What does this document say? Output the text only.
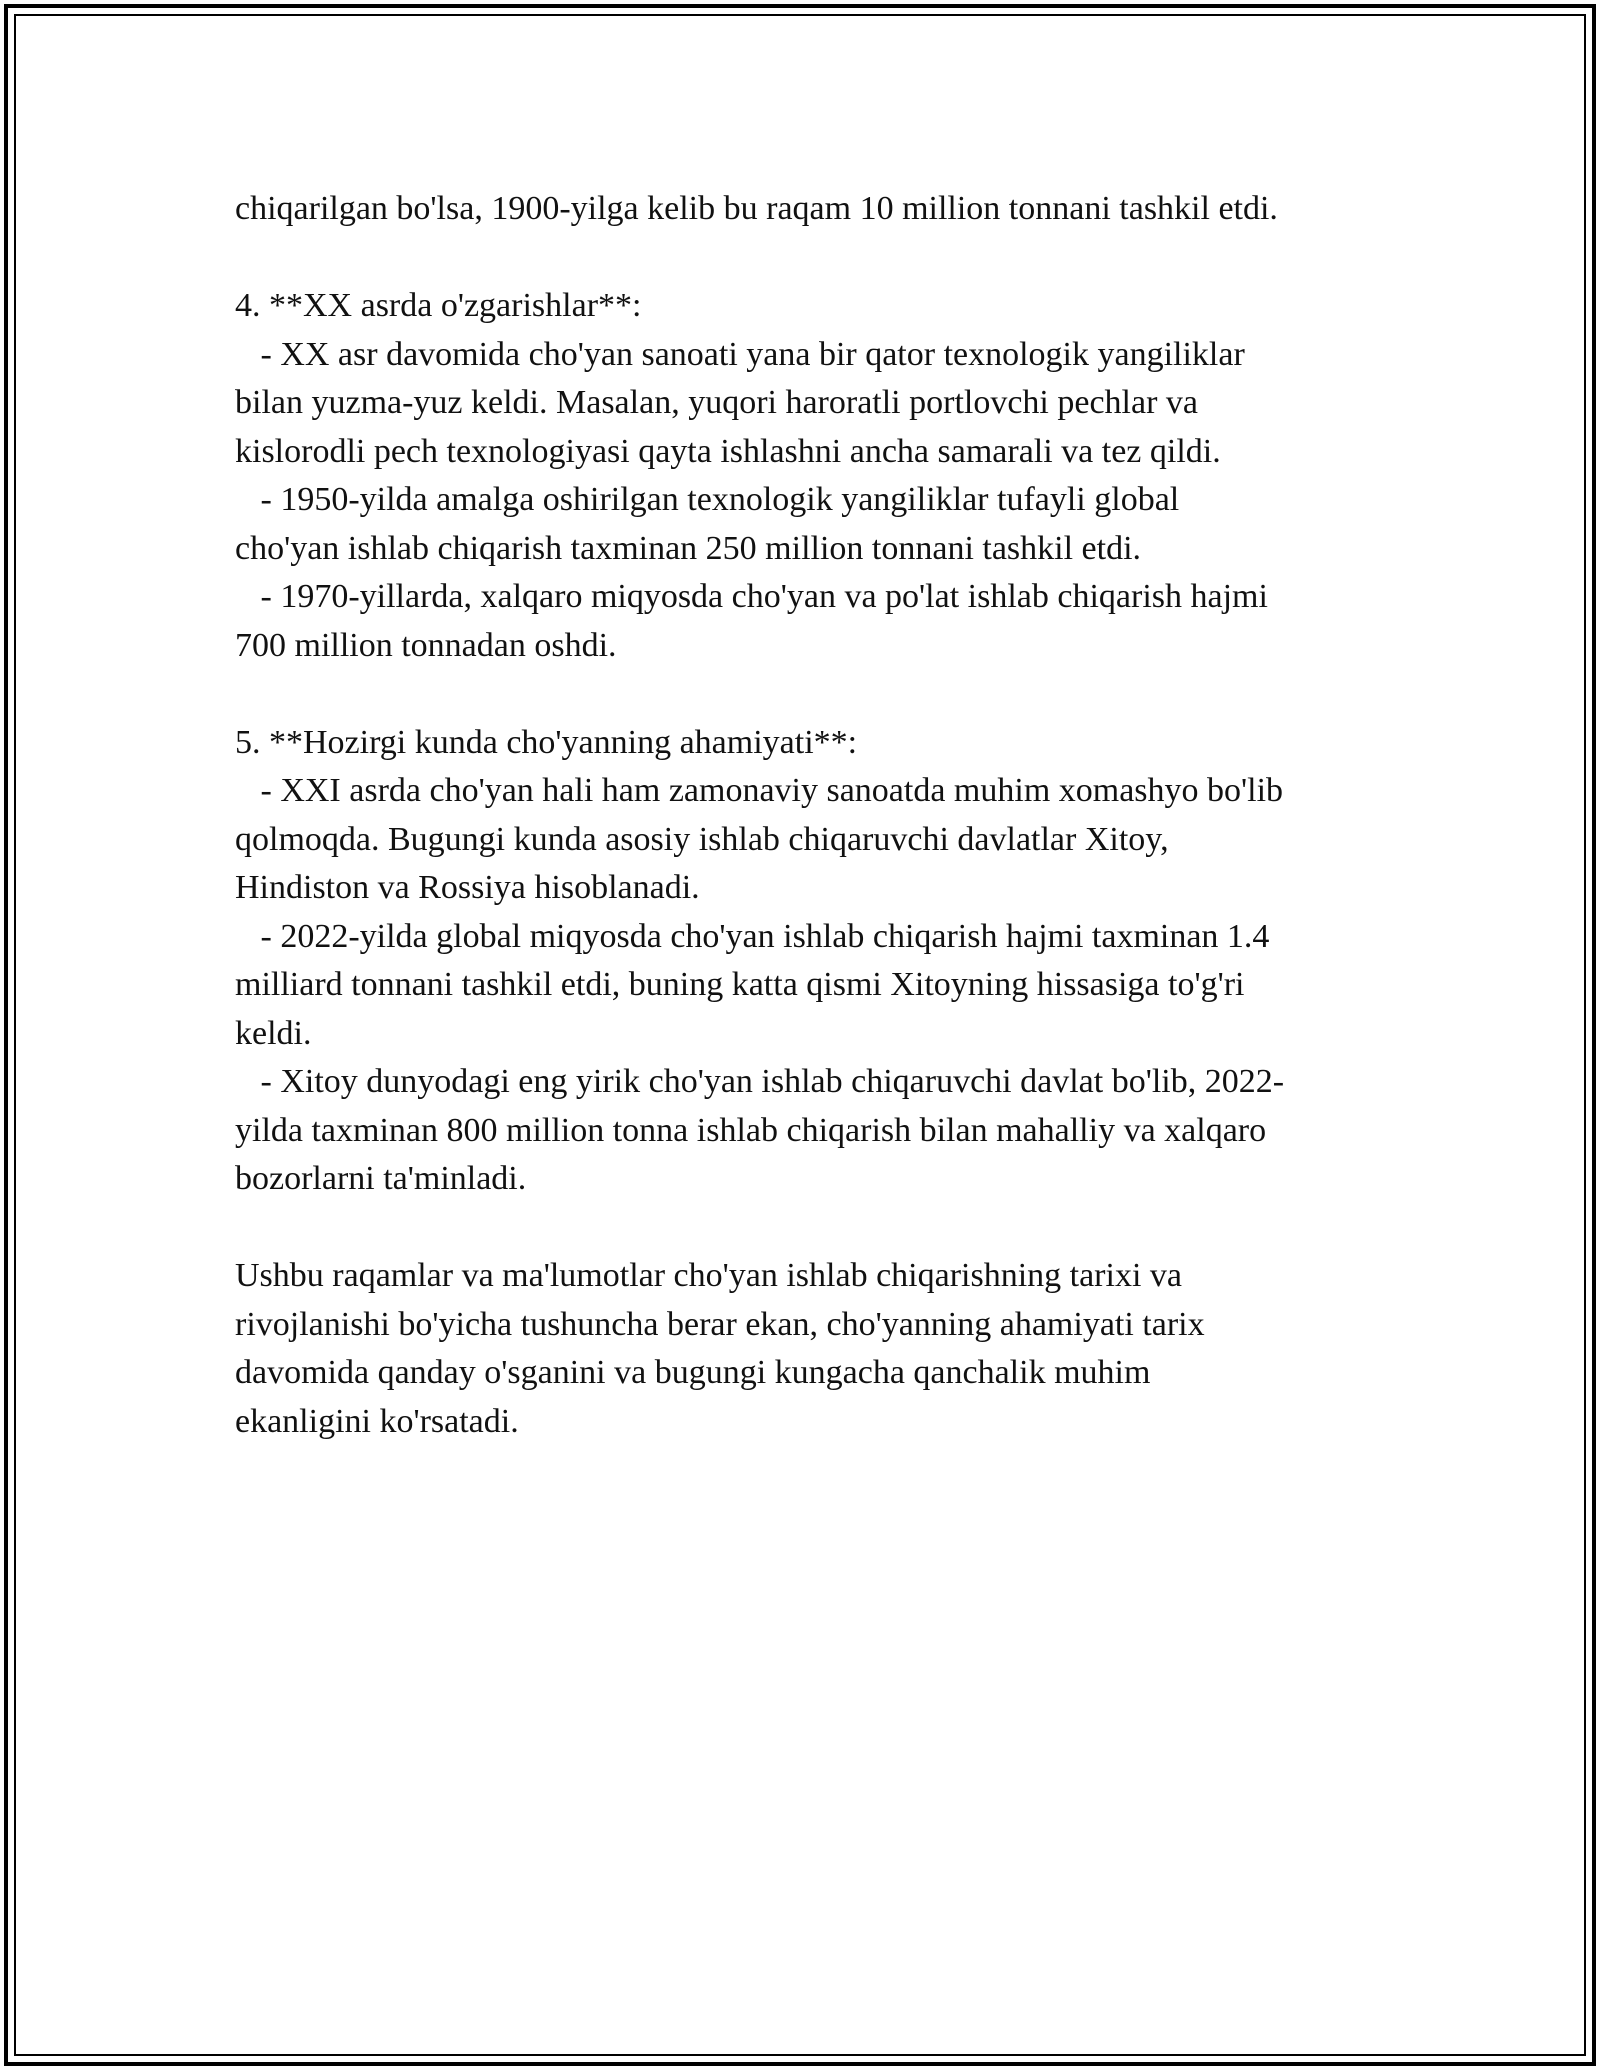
chiqarilgan bo'lsa, 1900-yilga kelib bu raqam 10 million tonnani tashkil etdi.
4. **XX asrda o'zgarishlar**:
- XX asr davomida cho'yan sanoati yana bir qator texnologik yangiliklar
bilan yuzma-yuz keldi. Masalan, yuqori haroratli portlovchi pechlar va
kislorodli pech texnologiyasi qayta ishlashni ancha samarali va tez qildi.
- 1950-yilda amalga oshirilgan texnologik yangiliklar tufayli global
cho'yan ishlab chiqarish taxminan 250 million tonnani tashkil etdi.
- 1970-yillarda, xalqaro miqyosda cho'yan va po'lat ishlab chiqarish hajmi
700 million tonnadan oshdi.
5. **Hozirgi kunda cho'yanning ahamiyati**:
- XXI asrda cho'yan hali ham zamonaviy sanoatda muhim xomashyo bo'lib
qolmoqda. Bugungi kunda asosiy ishlab chiqaruvchi davlatlar Xitoy,
Hindiston va Rossiya hisoblanadi.
- 2022-yilda global miqyosda cho'yan ishlab chiqarish hajmi taxminan 1.4
milliard tonnani tashkil etdi, buning katta qismi Xitoyning hissasiga to'g'ri
keldi.
- Xitoy dunyodagi eng yirik cho'yan ishlab chiqaruvchi davlat bo'lib, 2022-
yilda taxminan 800 million tonna ishlab chiqarish bilan mahalliy va xalqaro
bozorlarni ta'minladi.
Ushbu raqamlar va ma'lumotlar cho'yan ishlab chiqarishning tarixi va
rivojlanishi bo'yicha tushuncha berar ekan, cho'yanning ahamiyati tarix
davomida qanday o'sganini va bugungi kungacha qanchalik muhim
ekanligini ko'rsatadi.
